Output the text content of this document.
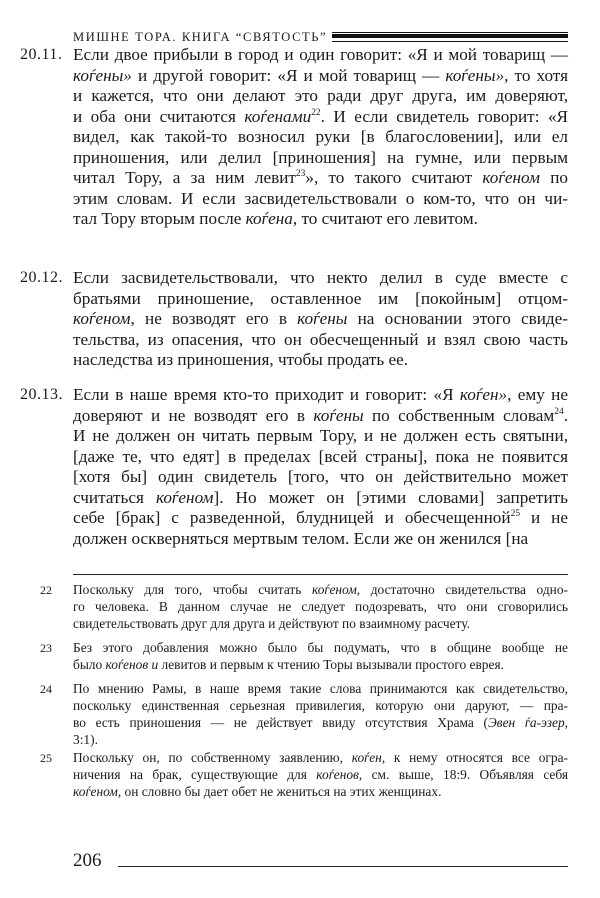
МИШНЕ ТОРА. КНИГА “СВЯТОСТЬ”
20.11. Если двое прибыли в город и один говорит: «Я и мой товарищ —
коѓены» и другой говорит: «Я и мой товарищ — коѓены», то хотя
и кажется, что они делают это ради друг друга, им доверяют,
и оба они считаются коѓенами$^{22}$. И если свидетель говорит: «Я
видел, как такой-то возносил руки [в благословении], или ел
приношения, или делил [приношения] на гумне, или первым
читал Тору, а за ним левит$^{23}$», то такого считают коѓеном по
этим словам. И если засвидетельствовали о ком-то, что он чи-
тал Тору вторым после коѓена, то считают его левитом.
20.12. Если засвидетельствовали, что некто делил в суде вместе с
братьями приношение, оставленное им [покойным] отцом-
коѓеном, не возводят его в коѓены на основании этого свиде-
тельства, из опасения, что он обесчещенный и взял свою часть
наследства из приношения, чтобы продать ее.
20.13. Если в наше время кто-то приходит и говорит: «Я коѓен», ему не
доверяют и не возводят его в коѓены по собственным словам$^{24}$.
И не должен он читать первым Тору, и не должен есть святыни,
[даже те, что едят] в пределах [всей страны], пока не появится
[хотя бы] один свидетель [того, что он действительно может
считаться коѓеном]. Но может он [этими словами] запретить
себе [брак] с разведенной, блудницей и обесчещенной$^{25}$ и не
должен оскверняться мертвым телом. Если же он женился [на
22 Поскольку для того, чтобы считать коѓеном, достаточно свидетельства одно-
го человека. В данном случае не следует подозревать, что они сговорились
свидетельствовать друг для друга и действуют по взаимному расчету.
23 Без этого добавления можно было бы подумать, что в общине вообще не
было коѓенов и левитов и первым к чтению Торы вызывали простого еврея.
24 По мнению Рамы, в наше время такие слова принимаются как свидетельство,
поскольку единственная серьезная привилегия, которую они даруют, — пра-
во есть приношения — не действует ввиду отсутствия Храма (Эвен ѓа-эзер,
3:1).
25 Поскольку он, по собственному заявлению, коѓен, к нему относятся все огра-
ничения на брак, существующие для коѓенов, см. выше, 18:9. Объявляя себя
коѓеном, он словно бы дает обет не жениться на этих женщинах.
206
